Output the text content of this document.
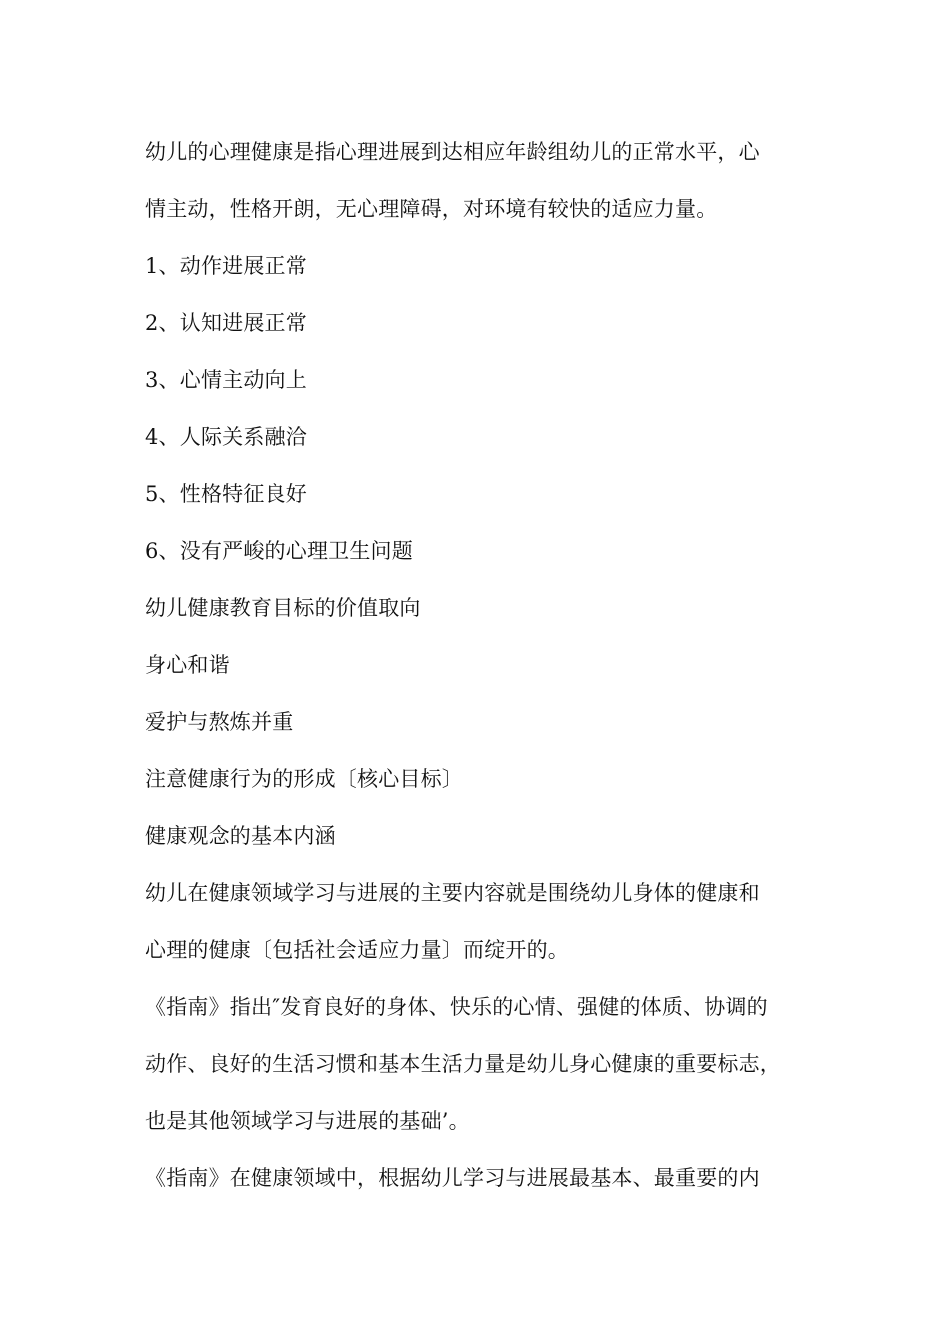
幼儿的心理健康是指心理进展到达相应年龄组幼儿的正常水平，心
情主动，性格开朗，无心理障碍，对环境有较快的适应力量。
1、动作进展正常
2、认知进展正常
3、心情主动向上
4、人际关系融洽
5、性格特征良好
6、没有严峻的心理卫生问题
幼儿健康教育目标的价值取向
身心和谐
爱护与熬炼并重
注意健康行为的形成〔核心目标〕
健康观念的基本内涵
幼儿在健康领域学习与进展的主要内容就是围绕幼儿身体的健康和
心理的健康〔包括社会适应力量〕而绽开的。
《指南》指出″发育良好的身体、快乐的心情、强健的体质、协调的
动作、良好的生活习惯和基本生活力量是幼儿身心健康的重要标志，
也是其他领域学习与进展的基础’。
《指南》在健康领域中，根据幼儿学习与进展最基本、最重要的内
